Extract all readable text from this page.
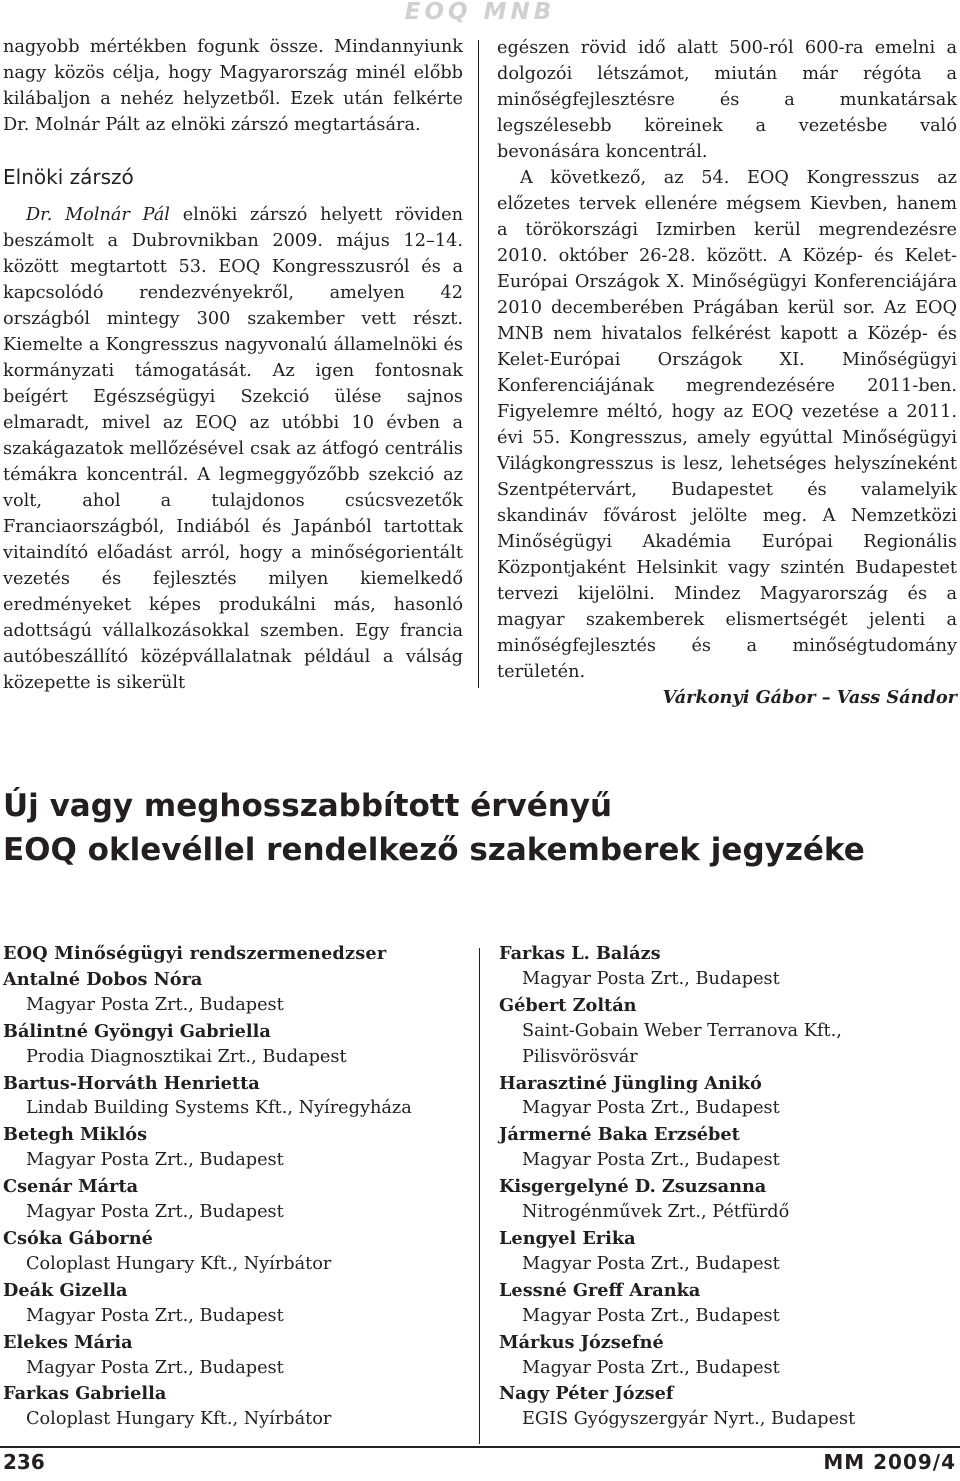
EOQ MNB

nagyobb mértékben fogunk össze. Mindannyiunk nagy közös célja, hogy Magyarország minél előbb kilábaljon a nehéz helyzetből. Ezek után felkérte Dr. Molnár Pált az elnöki zárszó megtartására.

Elnöki zárszó

Dr. Molnár Pál elnöki zárszó helyett röviden beszámolt a Dubrovnikban 2009. május 12–14. között megtartott 53. EOQ Kongresszusról és a kapcsolódó rendezvényekről, amelyen 42 országból mintegy 300 szakember vett részt. Kiemelte a Kongresszus nagyvonalú államelnöki és kormányzati támogatását. Az igen fontosnak beígért Egészségügyi Szekció ülése sajnos elmaradt, mivel az EOQ az utóbbi 10 évben a szakágazatok mellőzésével csak az átfogó centrális témákra koncentrál. A legmeggyőzőbb szekció az volt, ahol a tulajdonos csúcsvezetők Franciaországból, Indiából és Japánból tartottak vitaindító előadást arról, hogy a minőségorientált vezetés és fejlesztés milyen kiemelkedő eredményeket képes produkálni más, hasonló adottságú vállalkozásokkal szemben. Egy francia autóbeszállító középvállalatnak például a válság közepette is sikerült

egészen rövid idő alatt 500-ról 600-ra emelni a dolgozói létszámot, miután már régóta a minőségfejlesztésre és a munkatársak legszélesebb köreinek a vezetésbe való bevonására koncentrál.

A következő, az 54. EOQ Kongresszus az előzetes tervek ellenére mégsem Kievben, hanem a törökországi Izmirben kerül megrendezésre 2010. október 26-28. között. A Közép- és Kelet-Európai Országok X. Minőségügyi Konferenciájára 2010 decemberében Prágában kerül sor. Az EOQ MNB nem hivatalos felkérést kapott a Közép- és Kelet-Európai Országok XI. Minőségügyi Konferenciájának megrendezésére 2011-ben. Figyelemre méltó, hogy az EOQ vezetése a 2011. évi 55. Kongresszus, amely egyúttal Minőségügyi Világkongresszus is lesz, lehetséges helyszíneként Szentpétervárt, Budapestet és valamelyik skandináv fővárost jelölte meg. A Nemzetközi Minőségügyi Akadémia Európai Regionális Központjaként Helsinkit vagy szintén Budapestet tervezi kijelölni. Mindez Magyarország és a magyar szakemberek elismertségét jelenti a minőségfejlesztés és a minőségtudomány területén.

Várkonyi Gábor – Vass Sándor

Új vagy meghosszabbított érvényű
EOQ oklevéllel rendelkező szakemberek jegyzéke
EOQ Minőségügyi rendszermenedzser
Antalné Dobos Nóra
Magyar Posta Zrt., Budapest
Bálintné Gyöngyi Gabriella
Prodia Diagnosztikai Zrt., Budapest
Bartus-Horváth Henrietta
Lindab Building Systems Kft., Nyíregyháza
Betegh Miklós
Magyar Posta Zrt., Budapest
Csenár Márta
Magyar Posta Zrt., Budapest
Csóka Gáborné
Coloplast Hungary Kft., Nyírbátor
Deák Gizella
Magyar Posta Zrt., Budapest
Elekes Mária
Magyar Posta Zrt., Budapest
Farkas Gabriella
Coloplast Hungary Kft., Nyírbátor
Farkas L. Balázs
Magyar Posta Zrt., Budapest
Gébert Zoltán
Saint-Gobain Weber Terranova Kft.,
Pilisvörösvár
Harasztiné Jüngling Anikó
Magyar Posta Zrt., Budapest
Jármerné Baka Erzsébet
Magyar Posta Zrt., Budapest
Kisgergelyné D. Zsuzsanna
Nitrogénművek Zrt., Pétfürdő
Lengyel Erika
Magyar Posta Zrt., Budapest
Lessné Greff Aranka
Magyar Posta Zrt., Budapest
Márkus Józsefné
Magyar Posta Zrt., Budapest
Nagy Péter József
EGIS Gyógyszergyár Nyrt., Budapest
236	MM 2009/4
